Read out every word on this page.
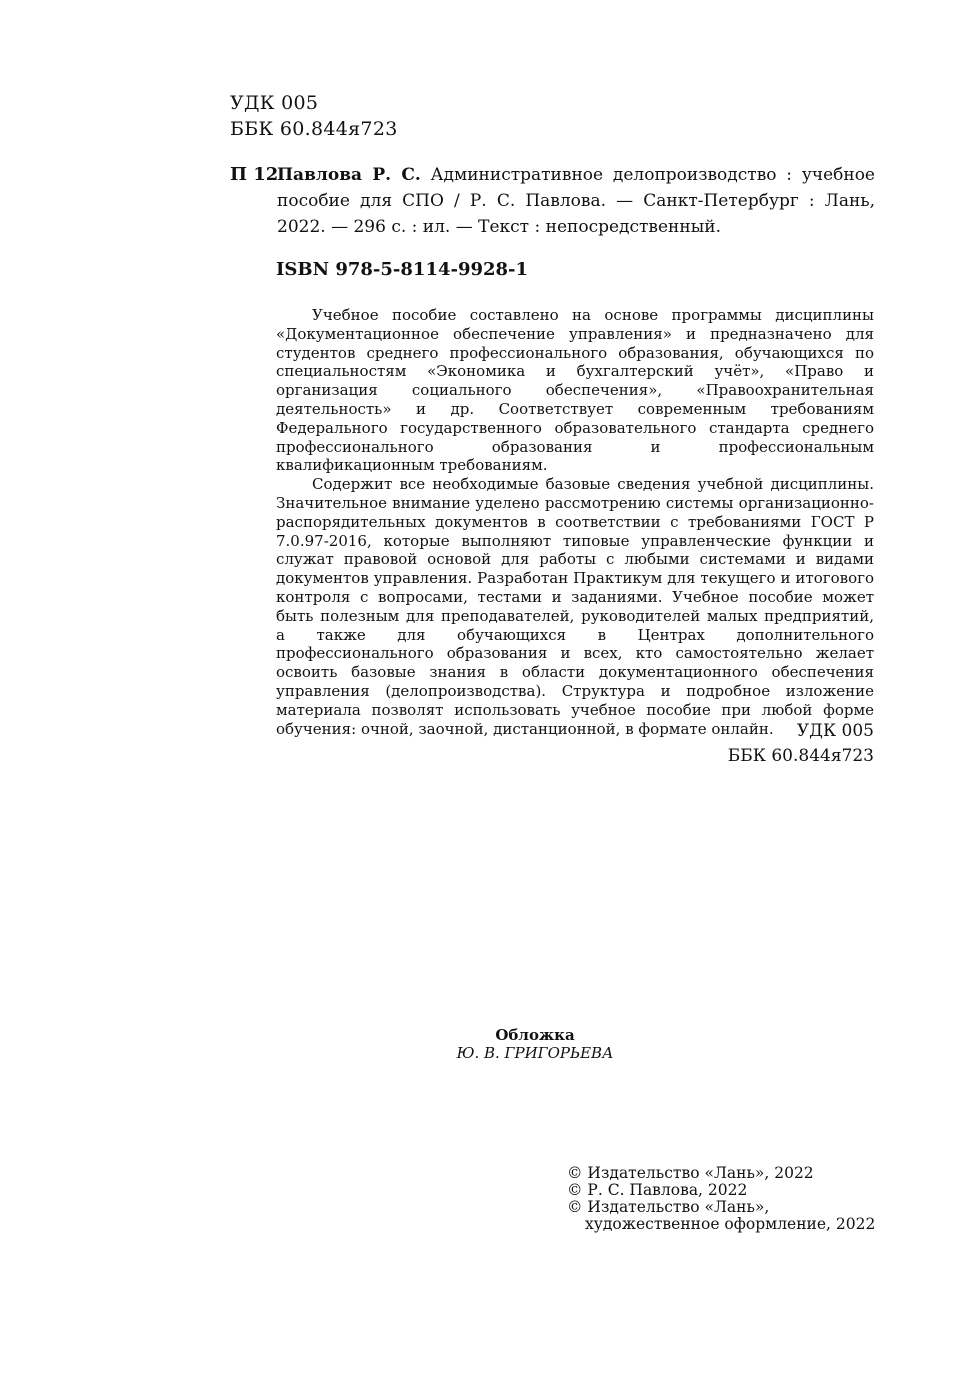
УДК 005
ББК 60.844я723
П 12
Павлова Р. С. Административное делопроизводство : учебное пособие для СПО / Р. С. Павлова. — Санкт-Петербург : Лань, 2022. — 296 с. : ил. — Текст : непосредственный.
ISBN 978-5-8114-9928-1

Учебное пособие составлено на основе программы дисциплины «Документационное обеспечение управления» и предназначено для студентов среднего профессионального образования, обучающихся по специальностям «Экономика и бухгалтерский учёт», «Право и организация социального обеспечения», «Правоохранительная деятельность» и др. Соответствует современным требованиям Федерального государственного образовательного стандарта среднего профессионального образования и профессиональным квалификационным требованиям.

Содержит все необходимые базовые сведения учебной дисциплины. Значительное внимание уделено рассмотрению системы организационно-распорядительных документов в соответствии с требованиями ГОСТ Р 7.0.97-2016, которые выполняют типовые управленческие функции и служат правовой основой для работы с любыми системами и видами документов управления. Разработан Практикум для текущего и итогового контроля с вопросами, тестами и заданиями. Учебное пособие может быть полезным для преподавателей, руководителей малых предприятий, а также для обучающихся в Центрах дополнительного профессионального образования и всех, кто самостоятельно желает освоить базовые знания в области документационного обеспечения управления (делопроизводства). Структура и подробное изложение материала позволят использовать учебное пособие при любой форме обучения: очной, заочной, дистанционной, в формате онлайн.	УДК 005
ББК 60.844я723
Обложка
Ю. В. ГРИГОРЬЕВА
© Издательство «Лань», 2022
© Р. С. Павлова, 2022
© Издательство «Лань»,
художественное оформление, 2022
